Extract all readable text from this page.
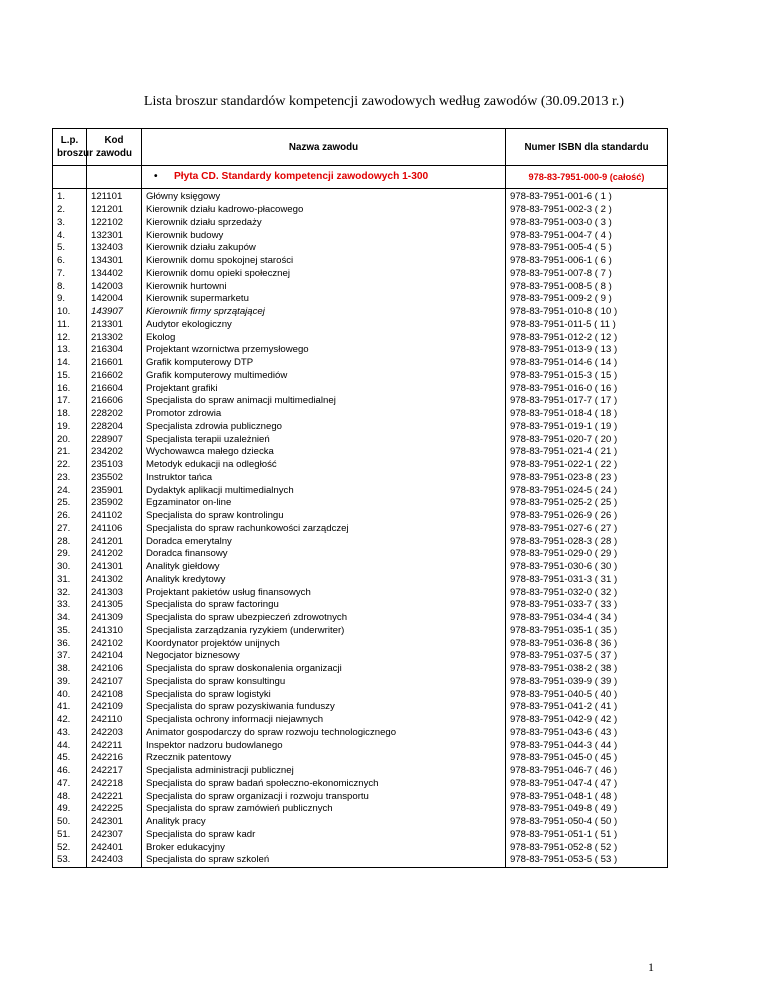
Lista broszur standardów kompetencji zawodowych według zawodów (30.09.2013 r.)
L.p. broszur	Kod zawodu	Nazwa zawodu	Numer ISBN dla standardu
		• Płyta CD. Standardy kompetencji zawodowych 1-300	978-83-7951-000-9 (całość)
1.	121101	Główny księgowy	978-83-7951-001-6 ( 1 )
2.	121201	Kierownik działu kadrowo-płacowego	978-83-7951-002-3 ( 2 )
3.	122102	Kierownik działu sprzedaży	978-83-7951-003-0 ( 3 )
4.	132301	Kierownik budowy	978-83-7951-004-7 ( 4 )
5.	132403	Kierownik działu zakupów	978-83-7951-005-4 ( 5 )
6.	134301	Kierownik domu spokojnej starości	978-83-7951-006-1 ( 6 )
7.	134402	Kierownik domu opieki społecznej	978-83-7951-007-8 ( 7 )
8.	142003	Kierownik hurtowni	978-83-7951-008-5 ( 8 )
9.	142004	Kierownik supermarketu	978-83-7951-009-2 ( 9 )
10.	143907	Kierownik firmy sprzątającej	978-83-7951-010-8 ( 10 )
11.	213301	Audytor ekologiczny	978-83-7951-011-5 ( 11 )
12.	213302	Ekolog	978-83-7951-012-2 ( 12 )
13.	216304	Projektant wzornictwa przemysłowego	978-83-7951-013-9 ( 13 )
14.	216601	Grafik komputerowy DTP	978-83-7951-014-6 ( 14 )
15.	216602	Grafik komputerowy multimediów	978-83-7951-015-3 ( 15 )
16.	216604	Projektant grafiki	978-83-7951-016-0 ( 16 )
17.	216606	Specjalista do spraw animacji multimedialnej	978-83-7951-017-7 ( 17 )
18.	228202	Promotor zdrowia	978-83-7951-018-4 ( 18 )
19.	228204	Specjalista zdrowia publicznego	978-83-7951-019-1 ( 19 )
20.	228907	Specjalista terapii uzależnień	978-83-7951-020-7 ( 20 )
21.	234202	Wychowawca małego dziecka	978-83-7951-021-4 ( 21 )
22.	235103	Metodyk edukacji na odległość	978-83-7951-022-1 ( 22 )
23.	235502	Instruktor tańca	978-83-7951-023-8 ( 23 )
24.	235901	Dydaktyk aplikacji multimedialnych	978-83-7951-024-5 ( 24 )
25.	235902	Egzaminator on-line	978-83-7951-025-2 ( 25 )
26.	241102	Specjalista do spraw kontrolingu	978-83-7951-026-9 ( 26 )
27.	241106	Specjalista do spraw rachunkowości zarządczej	978-83-7951-027-6 ( 27 )
28.	241201	Doradca emerytalny	978-83-7951-028-3 ( 28 )
29.	241202	Doradca finansowy	978-83-7951-029-0 ( 29 )
30.	241301	Analityk giełdowy	978-83-7951-030-6 ( 30 )
31.	241302	Analityk kredytowy	978-83-7951-031-3 ( 31 )
32.	241303	Projektant pakietów usług finansowych	978-83-7951-032-0 ( 32 )
33.	241305	Specjalista do spraw factoringu	978-83-7951-033-7 ( 33 )
34.	241309	Specjalista do spraw ubezpieczeń zdrowotnych	978-83-7951-034-4 ( 34 )
35.	241310	Specjalista zarządzania ryzykiem (underwriter)	978-83-7951-035-1 ( 35 )
36.	242102	Koordynator projektów unijnych	978-83-7951-036-8 ( 36 )
37.	242104	Negocjator biznesowy	978-83-7951-037-5 ( 37 )
38.	242106	Specjalista do spraw doskonalenia organizacji	978-83-7951-038-2 ( 38 )
39.	242107	Specjalista do spraw konsultingu	978-83-7951-039-9 ( 39 )
40.	242108	Specjalista do spraw logistyki	978-83-7951-040-5 ( 40 )
41.	242109	Specjalista do spraw pozyskiwania funduszy	978-83-7951-041-2 ( 41 )
42.	242110	Specjalista ochrony informacji niejawnych	978-83-7951-042-9 ( 42 )
43.	242203	Animator gospodarczy do spraw rozwoju technologicznego	978-83-7951-043-6 ( 43 )
44.	242211	Inspektor nadzoru budowlanego	978-83-7951-044-3 ( 44 )
45.	242216	Rzecznik patentowy	978-83-7951-045-0 ( 45 )
46.	242217	Specjalista administracji publicznej	978-83-7951-046-7 ( 46 )
47.	242218	Specjalista do spraw badań społeczno-ekonomicznych	978-83-7951-047-4 ( 47 )
48.	242221	Specjalista do spraw organizacji i rozwoju transportu	978-83-7951-048-1 ( 48 )
49.	242225	Specjalista do spraw zamówień publicznych	978-83-7951-049-8 ( 49 )
50.	242301	Analityk pracy	978-83-7951-050-4 ( 50 )
51.	242307	Specjalista do spraw kadr	978-83-7951-051-1 ( 51 )
52.	242401	Broker edukacyjny	978-83-7951-052-8 ( 52 )
53.	242403	Specjalista do spraw szkoleń	978-83-7951-053-5 ( 53 )
1
